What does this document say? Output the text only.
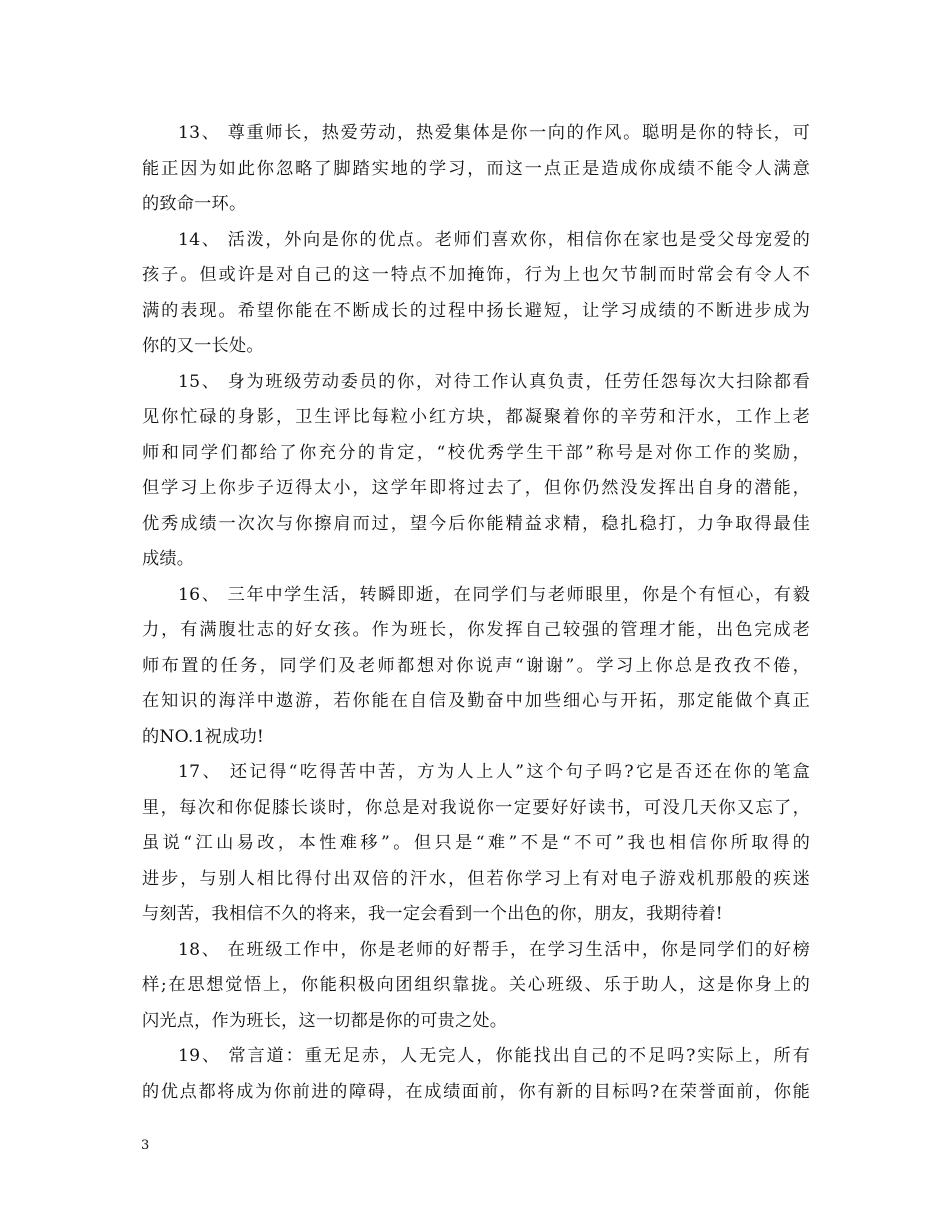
13、 尊重师长，热爱劳动，热爱集体是你一向的作风。聪明是你的特长，可
能正因为如此你忽略了脚踏实地的学习，而这一点正是造成你成绩不能令人满意
的致命一环。
14、 活泼，外向是你的优点。老师们喜欢你，相信你在家也是受父母宠爱的
孩子。但或许是对自己的这一特点不加掩饰，行为上也欠节制而时常会有令人不
满的表现。希望你能在不断成长的过程中扬长避短，让学习成绩的不断进步成为
你的又一长处。
15、 身为班级劳动委员的你，对待工作认真负责，任劳任怨每次大扫除都看
见你忙碌的身影，卫生评比每粒小红方块，都凝聚着你的辛劳和汗水，工作上老
师和同学们都给了你充分的肯定，“校优秀学生干部”称号是对你工作的奖励，
但学习上你步子迈得太小，这学年即将过去了，但你仍然没发挥出自身的潜能，
优秀成绩一次次与你擦肩而过，望今后你能精益求精，稳扎稳打，力争取得最佳
成绩。
16、 三年中学生活，转瞬即逝，在同学们与老师眼里，你是个有恒心，有毅
力，有满腹壮志的好女孩。作为班长，你发挥自己较强的管理才能，出色完成老
师布置的任务，同学们及老师都想对你说声“谢谢”。学习上你总是孜孜不倦，
在知识的海洋中遨游，若你能在自信及勤奋中加些细心与开拓，那定能做个真正
的NO.1祝成功!
17、 还记得“吃得苦中苦，方为人上人”这个句子吗?它是否还在你的笔盒
里，每次和你促膝长谈时，你总是对我说你一定要好好读书，可没几天你又忘了，
虽说“江山易改，本性难移”。但只是“难”不是“不可”我也相信你所取得的
进步，与别人相比得付出双倍的汗水，但若你学习上有对电子游戏机那般的疾迷
与刻苦，我相信不久的将来，我一定会看到一个出色的你，朋友，我期待着!
18、 在班级工作中，你是老师的好帮手，在学习生活中，你是同学们的好榜
样;在思想觉悟上，你能积极向团组织靠拢。关心班级、乐于助人，这是你身上的
闪光点，作为班长，这一切都是你的可贵之处。
19、 常言道：重无足赤，人无完人，你能找出自己的不足吗?实际上，所有
的优点都将成为你前进的障碍，在成绩面前，你有新的目标吗?在荣誉面前，你能
3
